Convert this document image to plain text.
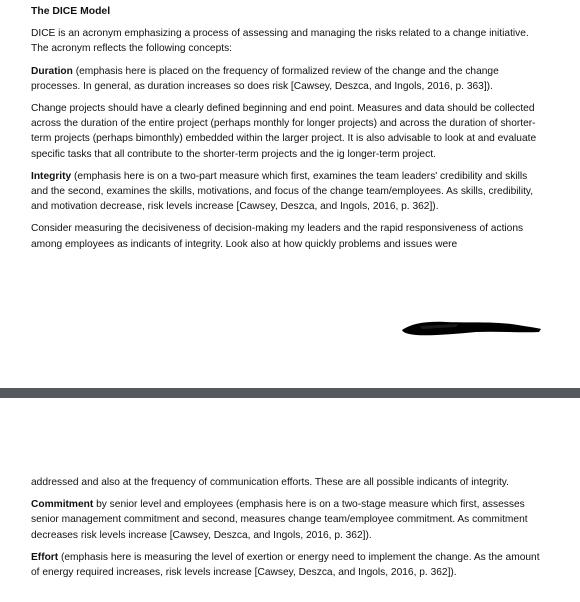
The DICE Model
DICE is an acronym emphasizing a process of assessing and managing the risks related to a change initiative. The acronym reflects the following concepts:
Duration (emphasis here is placed on the frequency of formalized review of the change and the change processes. In general, as duration increases so does risk [Cawsey, Deszca, and Ingols, 2016, p. 363]).
Change projects should have a clearly defined beginning and end point. Measures and data should be collected across the duration of the entire project (perhaps monthly for longer projects) and across the duration of shorter-term projects (perhaps bimonthly) embedded within the larger project. It is also advisable to look at and evaluate specific tasks that all contribute to the shorter-term projects and the ig longer-term project.
Integrity (emphasis here is on a two-part measure which first, examines the team leaders' credibility and skills and the second, examines the skills, motivations, and focus of the change team/employees. As skills, credibility, and motivation decrease, risk levels increase [Cawsey, Deszca, and Ingols, 2016, p. 362]).
Consider measuring the decisiveness of decision-making my leaders and the rapid responsiveness of actions among employees as indicants of integrity. Look also at how quickly problems and issues were
addressed and also at the frequency of communication efforts. These are all possible indicants of integrity.
Commitment by senior level and employees (emphasis here is on a two-stage measure which first, assesses senior management commitment and second, measures change team/employee commitment. As commitment decreases risk levels increase [Cawsey, Deszca, and Ingols, 2016, p. 362]).
Effort (emphasis here is measuring the level of exertion or energy need to implement the change. As the amount of energy required increases, risk levels increase [Cawsey, Deszca, and Ingols, 2016, p. 362]).
